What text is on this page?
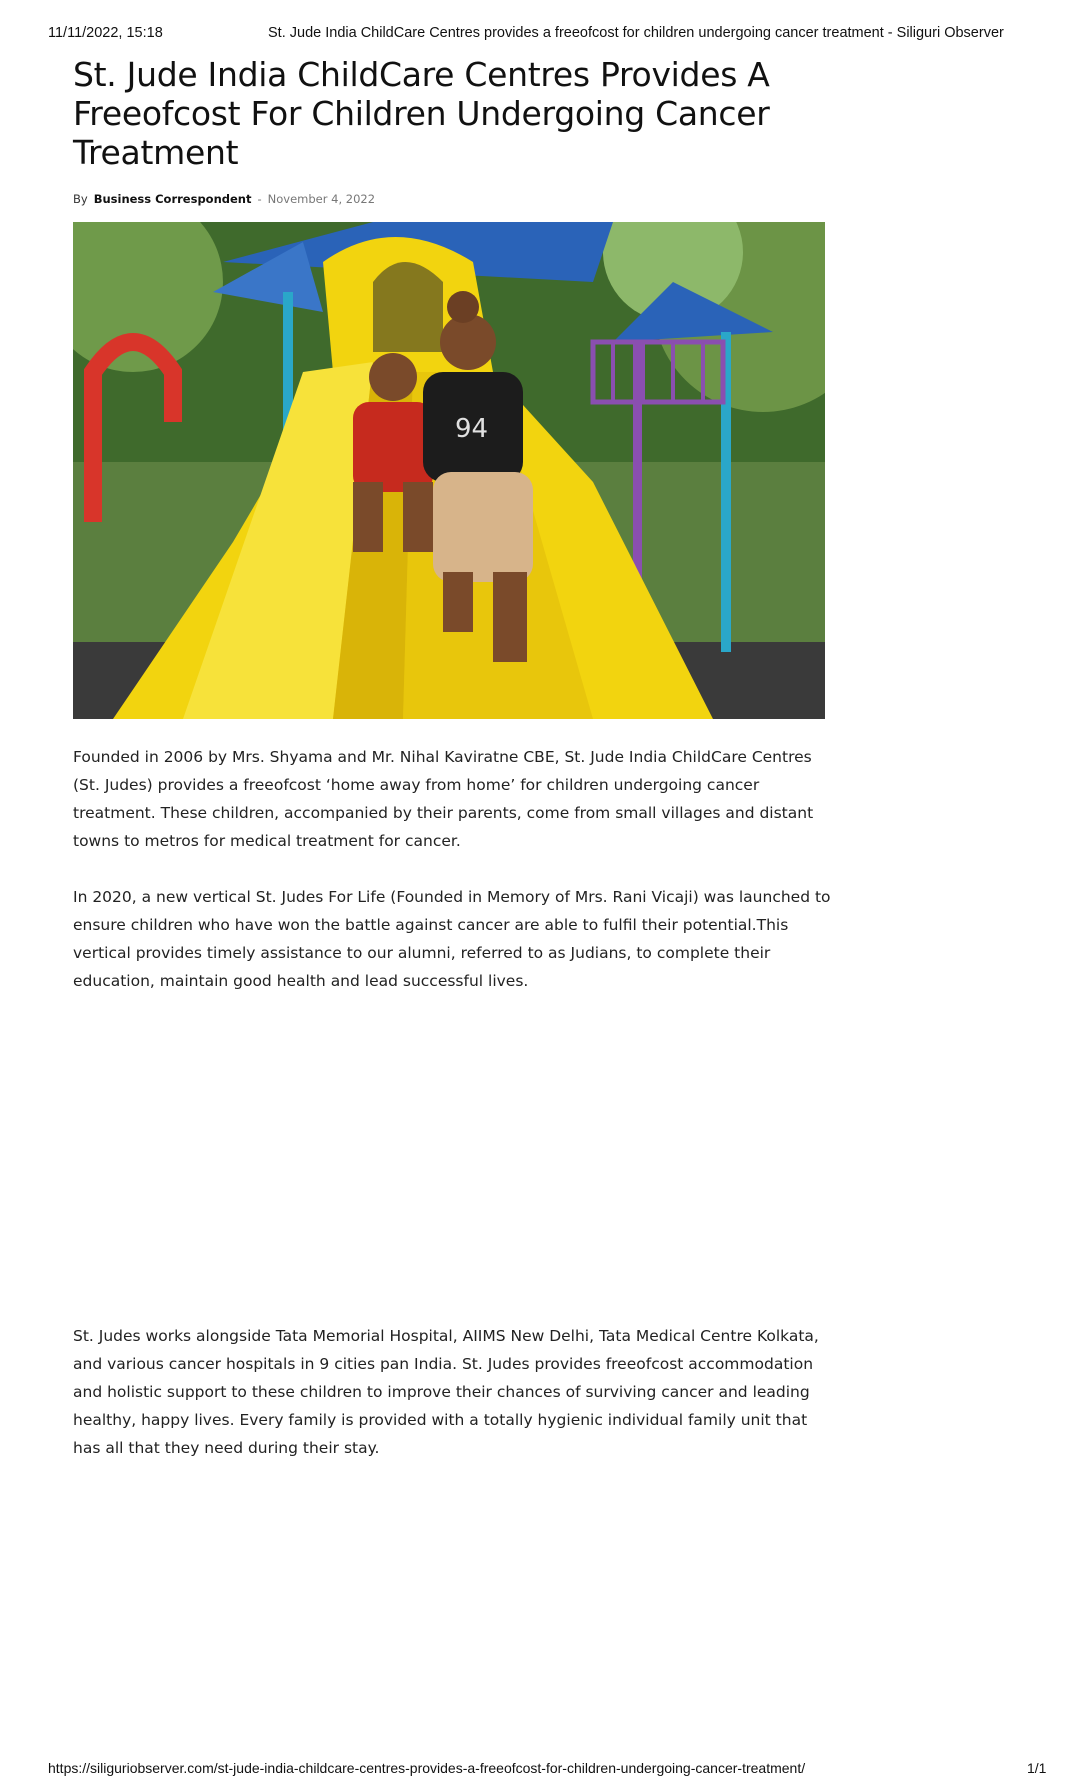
11/11/2022, 15:18	St. Jude India ChildCare Centres provides a freeofcost for children undergoing cancer treatment - Siliguri Observer
St. Jude India ChildCare Centres Provides A Freeofcost For Children Undergoing Cancer Treatment
By Business Correspondent - November 4, 2022
94

Founded in 2006 by Mrs. Shyama and Mr. Nihal Kaviratne CBE, St. Jude India ChildCare Centres (St. Judes) provides a freeofcost ‘home away from home’ for children undergoing cancer treatment. These children, accompanied by their parents, come from small villages and distant towns to metros for medical treatment for cancer.

In 2020, a new vertical St. Judes For Life (Founded in Memory of Mrs. Rani Vicaji) was launched to ensure children who have won the battle against cancer are able to fulfil their potential.This vertical provides timely assistance to our alumni, referred to as Judians, to complete their education, maintain good health and lead successful lives.

St. Judes works alongside Tata Memorial Hospital, AIIMS New Delhi, Tata Medical Centre Kolkata, and various cancer hospitals in 9 cities pan India. St. Judes provides freeofcost accommodation and holistic support to these children to improve their chances of surviving cancer and leading healthy, happy lives. Every family is provided with a totally hygienic individual family unit that has all that they need during their stay.

https://siliguriobserver.com/st-jude-india-childcare-centres-provides-a-freeofcost-for-children-undergoing-cancer-treatment/	1/1
